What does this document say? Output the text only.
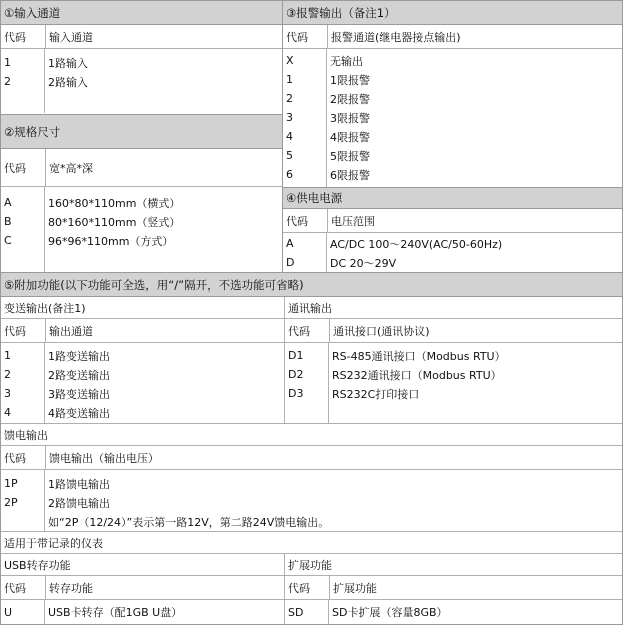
①输入通道
代码	输入通道
1	1路输入
2	2路输入
②规格尺寸
代码	宽*高*深
A	160*80*110mm（横式）
B	80*160*110mm（竖式）
C	96*96*110mm（方式）
③报警输出（备注1）
代码	报警通道(继电器接点输出)
X	无输出
1	1限报警
2	2限报警
3	3限报警
4	4限报警
5	5限报警
6	6限报警
④供电电源
代码	电压范围
A	AC/DC 100～240V(AC/50-60Hz)
D	DC 20～29V
⑤附加功能(以下功能可全选，用“/”隔开，不选功能可省略)
变送输出(备注1)
代码	输出通道
1	1路变送输出
2	2路变送输出
3	3路变送输出
4	4路变送输出
通讯输出
代码	通讯接口(通讯协议)
D1	RS-485通讯接口（Modbus RTU）
D2	RS232通讯接口（Modbus RTU）
D3	RS232C打印接口
馈电输出
代码	馈电输出（输出电压）
1P	1路馈电输出
2P	2路馈电输出
如“2P（12/24）”表示第一路12V，第二路24V馈电输出。
适用于带记录的仪表
USB转存功能
代码	转存功能
U	USB卡转存（配1GB U盘）
扩展功能
代码	扩展功能
SD	SD卡扩展（容量8GB）
